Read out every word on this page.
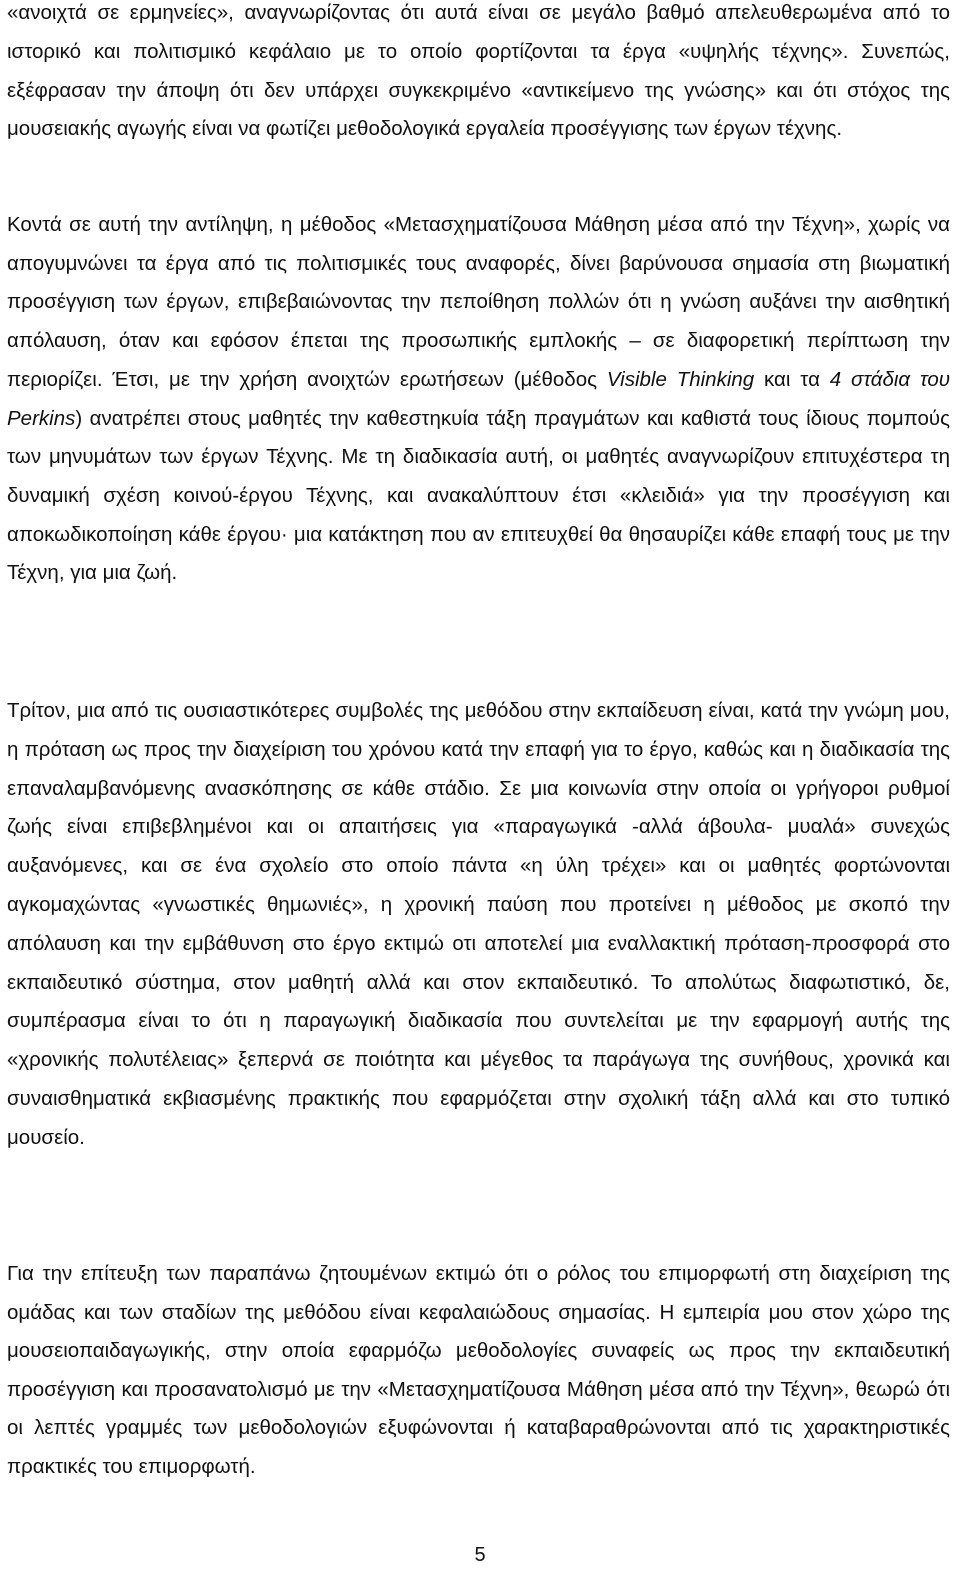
«ανοιχτά σε ερμηνείες», αναγνωρίζοντας ότι αυτά είναι σε μεγάλο βαθμό απελευθερωμένα από το ιστορικό και πολιτισμικό κεφάλαιο με το οποίο φορτίζονται τα έργα «υψηλής τέχνης». Συνεπώς, εξέφρασαν την άποψη ότι δεν υπάρχει συγκεκριμένο «αντικείμενο της γνώσης» και ότι στόχος της μουσειακής αγωγής είναι να φωτίζει μεθοδολογικά εργαλεία προσέγγισης των έργων τέχνης.

Κοντά σε αυτή την αντίληψη, η μέθοδος «Μετασχηματίζουσα Μάθηση μέσα από την Τέχνη», χωρίς να απογυμνώνει τα έργα από τις πολιτισμικές τους αναφορές, δίνει βαρύνουσα σημασία στη βιωματική προσέγγιση των έργων, επιβεβαιώνοντας την πεποίθηση πολλών ότι η γνώση αυξάνει την αισθητική απόλαυση, όταν και εφόσον έπεται της προσωπικής εμπλοκής – σε διαφορετική περίπτωση την περιορίζει. Έτσι, με την χρήση ανοιχτών ερωτήσεων (μέθοδος Visible Thinking και τα 4 στάδια του Perkins) ανατρέπει στους μαθητές την καθεστηκυία τάξη πραγμάτων και καθιστά τους ίδιους πομπούς των μηνυμάτων των έργων Τέχνης. Με τη διαδικασία αυτή, οι μαθητές αναγνωρίζουν επιτυχέστερα τη δυναμική σχέση κοινού-έργου Τέχνης, και ανακαλύπτουν έτσι «κλειδιά» για την προσέγγιση και αποκωδικοποίηση κάθε έργου· μια κατάκτηση που αν επιτευχθεί θα θησαυρίζει κάθε επαφή τους με την Τέχνη, για μια ζωή.

Τρίτον, μια από τις ουσιαστικότερες συμβολές της μεθόδου στην εκπαίδευση είναι, κατά την γνώμη μου, η πρόταση ως προς την διαχείριση του χρόνου κατά την επαφή για το έργο, καθώς και η διαδικασία της επαναλαμβανόμενης ανασκόπησης σε κάθε στάδιο. Σε μια κοινωνία στην οποία οι γρήγοροι ρυθμοί ζωής είναι επιβεβλημένοι και οι απαιτήσεις για «παραγωγικά -αλλά άβουλα- μυαλά» συνεχώς αυξανόμενες, και σε ένα σχολείο στο οποίο πάντα «η ύλη τρέχει» και οι μαθητές φορτώνονται αγκομαχώντας «γνωστικές θημωνιές», η χρονική παύση που προτείνει η μέθοδος με σκοπό την απόλαυση και την εμβάθυνση στο έργο εκτιμώ οτι αποτελεί μια εναλλακτική πρόταση-προσφορά στο εκπαιδευτικό σύστημα, στον μαθητή αλλά και στον εκπαιδευτικό. Το απολύτως διαφωτιστικό, δε, συμπέρασμα είναι το ότι η παραγωγική διαδικασία που συντελείται με την εφαρμογή αυτής της «χρονικής πολυτέλειας» ξεπερνά σε ποιότητα και μέγεθος τα παράγωγα της συνήθους, χρονικά και συναισθηματικά εκβιασμένης πρακτικής που εφαρμόζεται στην σχολική τάξη αλλά και στο τυπικό μουσείο.

Για την επίτευξη των παραπάνω ζητουμένων εκτιμώ ότι ο ρόλος του επιμορφωτή στη διαχείριση της ομάδας και των σταδίων της μεθόδου είναι κεφαλαιώδους σημασίας. Η εμπειρία μου στον χώρο της μουσειοπαιδαγωγικής, στην οποία εφαρμόζω μεθοδολογίες συναφείς ως προς την εκπαιδευτική προσέγγιση και προσανατολισμό με την «Μετασχηματίζουσα Μάθηση μέσα από την Τέχνη», θεωρώ ότι οι λεπτές γραμμές των μεθοδολογιών εξυφώνονται ή καταβαραθρώνονται από τις χαρακτηριστικές πρακτικές του επιμορφωτή.

5
